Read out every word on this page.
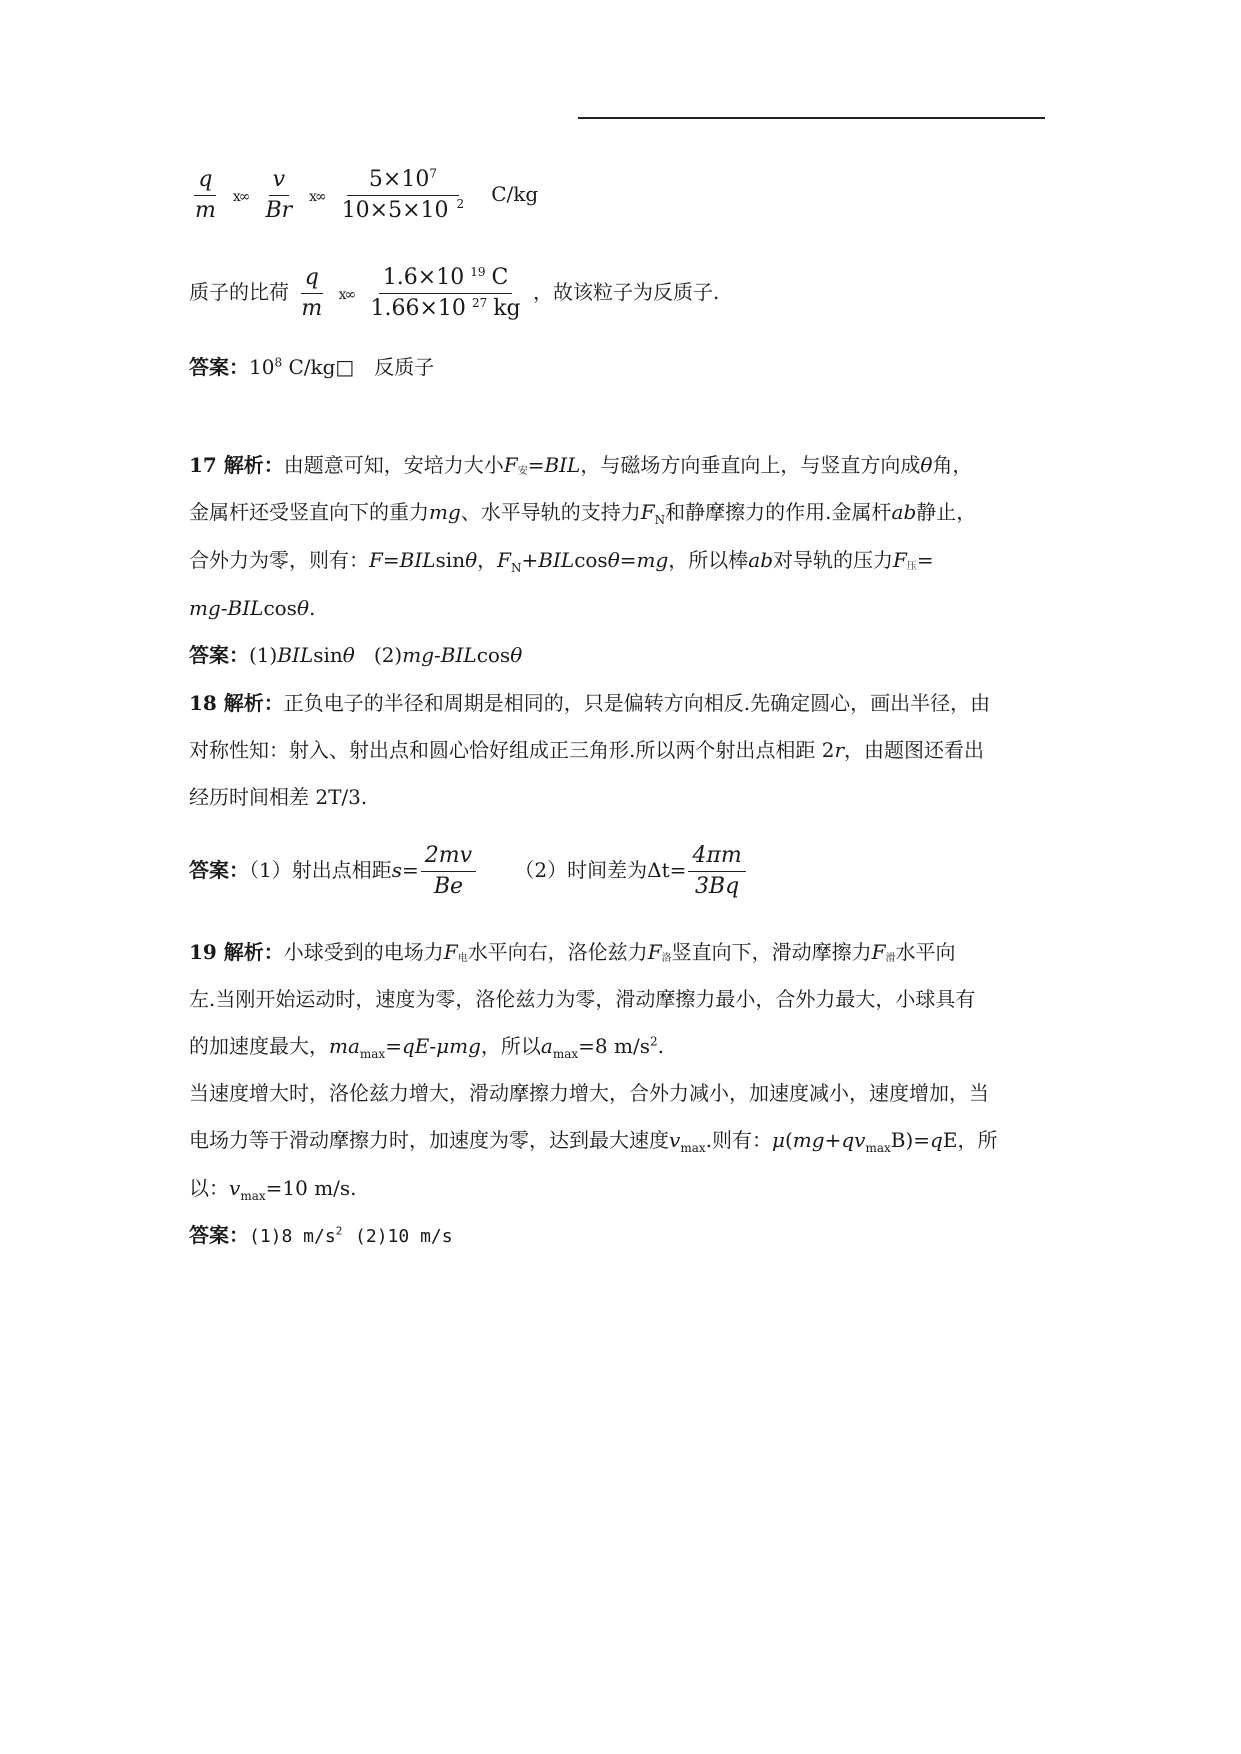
$\frac{q}{m}$ ⅹ∞ $\frac{v}{Br}$ ⅹ∞ $\frac{5\times 10^7}{10\times 5\times 10 ^2} C/kg$
质子的比荷 $\frac{q}{m}$ ⅹ∞ $\frac{1.6\times 10 ^{19} C}{1.66\times 10 ^{27} kg}$ ，故该粒子为反质子.
答案：$10^8$ C/kg□　反质子
17 解析：由题意可知，安培力大小$F_安=BIL$，与磁场方向垂直向上，与竖直方向成θ角，
金属杆还受竖直向下的重力mg、水平导轨的支持力$F_N$和静摩擦力的作用.金属杆ab静止，
合外力为零，则有：F=BILsinθ，$F_N+BILcos\theta=mg$，所以棒ab对导轨的压力$F_压=$
mg-BILcosθ.
答案：(1)BILsinθ (2)mg-BILcosθ
18 解析：正负电子的半径和周期是相同的，只是偏转方向相反.先确定圆心，画出半径，由
对称性知：射入、射出点和圆心恰好组成正三角形.所以两个射出点相距 2r，由题图还看出
经历时间相差 2T/3.
答案：（1）射出点相距$s= \frac{2mv}{Be} (2)$时间差为$\Delta t= \frac{4\pi m}{3Bq}$
19 解析：小球受到的电场力$F_电$水平向右，洛伦兹力$F_洛$竖直向下，滑动摩擦力$F_滑$水平向
左.当刚开始运动时，速度为零，洛伦兹力为零，滑动摩擦力最小，合外力最大，小球具有
的加速度最大，$ma_{max}=qE$-μmg，所以$a_{max}=8$ $m/s^2$.
当速度增大时，洛伦兹力增大，滑动摩擦力增大，合外力减小，加速度减小，速度增加，当
电场力等于滑动摩擦力时，加速度为零，达到最大速度$v_{max}$.则有：$\mu(mg+qv_{max}B)=qE$，所
以：$v_{max}=10$ m/s.
答案：(1)8 $m/s^2$ (2)10 m/s
